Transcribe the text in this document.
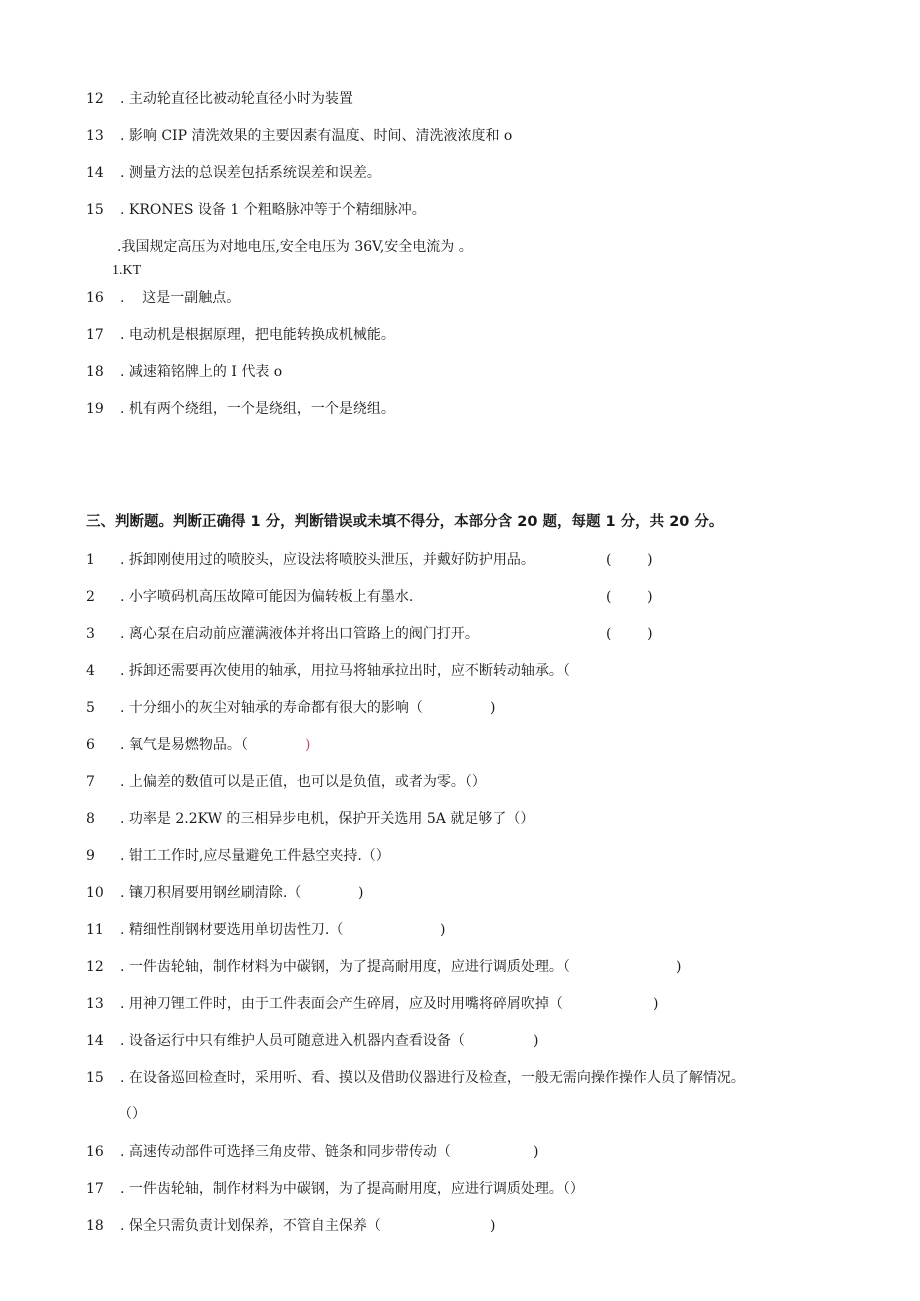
12 . 主动轮直径比被动轮直径小时为装置
13 . 影响 CIP 清洗效果的主要因素有温度、时间、清洗液浓度和 o
14 . 测量方法的总误差包括系统误差和误差。
15 . KRONES 设备 1 个粗略脉冲等于个精细脉冲。
.我国规定高压为对地电压,安全电压为 36V,安全电流为 。
1.KT
16 .    这是一副触点。
17 . 电动机是根据原理，把电能转换成机械能。
18 . 减速箱铭牌上的 I 代表 o
19 . 机有两个绕组，一个是绕组，一个是绕组。
三、判断题。判断正确得 1 分，判断错误或未填不得分，本部分含 20 题，每题 1 分，共 20 分。
1 . 拆卸刚使用过的喷胶头，应设法将喷胶头泄压，并戴好防护用品。	(        )
2 . 小字喷码机高压故障可能因为偏转板上有墨水.	(        )
3 . 离心泵在启动前应灌满液体并将出口管路上的阀门打开。	(        )
4 . 拆卸还需要再次使用的轴承，用拉马将轴承拉出时，应不断转动轴承。（
5 . 十分细小的灰尘对轴承的寿命都有很大的影响（	)
6 . 氧气是易燃物品。（	)
7 . 上偏差的数值可以是正值，也可以是负值，或者为零。（）
8 . 功率是 2.2KW 的三相异步电机，保护开关选用 5A 就足够了（）
9 . 钳工工作时,应尽量避免工件悬空夹持.（）
10 . 镶刀积屑要用钢丝刷清除.（	)
11 . 精细性削钢材要选用单切齿性刀.（	)
12 . 一件齿轮轴，制作材料为中碳钢，为了提高耐用度，应进行调质处理。（	)
13 . 用神刀锂工件时，由于工件表面会产生碎屑，应及时用嘴将碎屑吹掉（	)
14 . 设备运行中只有维护人员可随意进入机器内查看设备（	)
15 . 在设备巡回检查时，采用听、看、摸以及借助仪器进行及检查，一般无需向操作操作人员了解情况。
（）
16 . 高速传动部件可选择三角皮带、链条和同步带传动（	)
17 . 一件齿轮轴，制作材料为中碳钢，为了提高耐用度，应进行调质处理。（）
18 . 保全只需负责计划保养，不管自主保养（	)
